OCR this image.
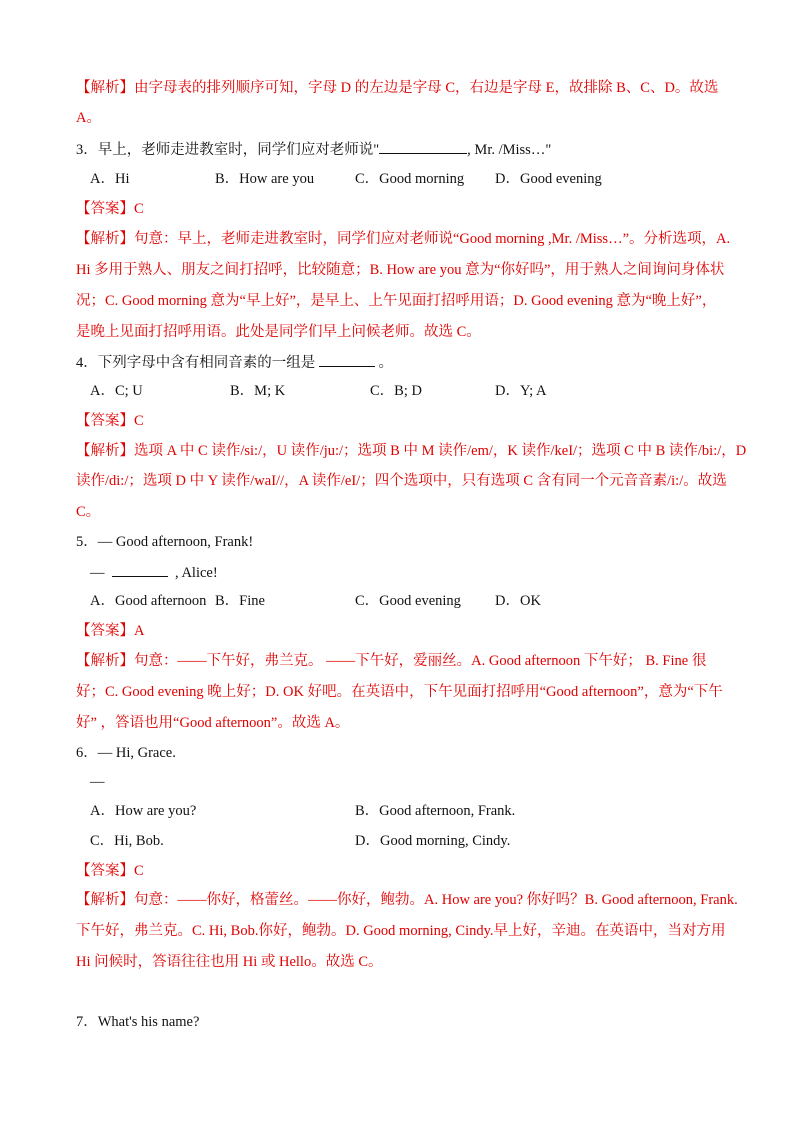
【解析】由字母表的排列顺序可知，字母 D 的左边是字母 C，右边是字母 E，故排除 B、C、D。故选
A。
3．早上，老师走进教室时，同学们应对老师说"	, Mr. /Miss…"
A．Hi	B．How are you	C．Good morning D．Good evening
【答案】C
【解析】句意：早上，老师走进教室时，同学们应对老师说“Good morning ,Mr. /Miss…”。分析选项，A.
Hi 多用于熟人、朋友之间打招呼，比较随意；B. How are you 意为“你好吗”，用于熟人之间询问身体状
况；C. Good morning 意为“早上好”，是早上、上午见面打招呼用语；D. Good evening 意为“晚上好”，
是晚上见面打招呼用语。此处是同学们早上问候老师。故选 C。
4．下列字母中含有相同音素的一组是	。
A．C; U	B．M; K	C．B; D	D．Y; A
【答案】C
【解析】选项 A 中 C 读作/si:/，U 读作/ju:/；选项 B 中 M 读作/em/，K 读作/keI/；选项 C 中 B 读作/bi:/，D
读作/di:/；选项 D 中 Y 读作/waI//，A 读作/eI/；四个选项中，只有选项 C 含有同一个元音音素/i:/。故选
C。
5．— Good afternoon, Frank!
—	, Alice!
A．Good afternoon B．Fine	C．Good evening D．OK
【答案】A
【解析】句意：——下午好，弗兰克。 ——下午好，爱丽丝。A. Good afternoon 下午好； B. Fine 很
好；C. Good evening 晚上好；D. OK 好吧。在英语中，下午见面打招呼用“Good afternoon”，意为“下午
好” ，答语也用“Good afternoon”。故选 A。
6．— Hi, Grace.
—
A．How are you?	B．Good afternoon, Frank.
C．Hi, Bob.	D．Good morning, Cindy.
【答案】C
【解析】句意：——你好，格蕾丝。——你好，鲍勃。A. How are you? 你好吗？B. Good afternoon, Frank.
下午好，弗兰克。C. Hi, Bob.你好，鲍勃。D. Good morning, Cindy.早上好，辛迪。在英语中，当对方用
Hi 问候时，答语往往也用 Hi 或 Hello。故选 C。
7．What's his name?
